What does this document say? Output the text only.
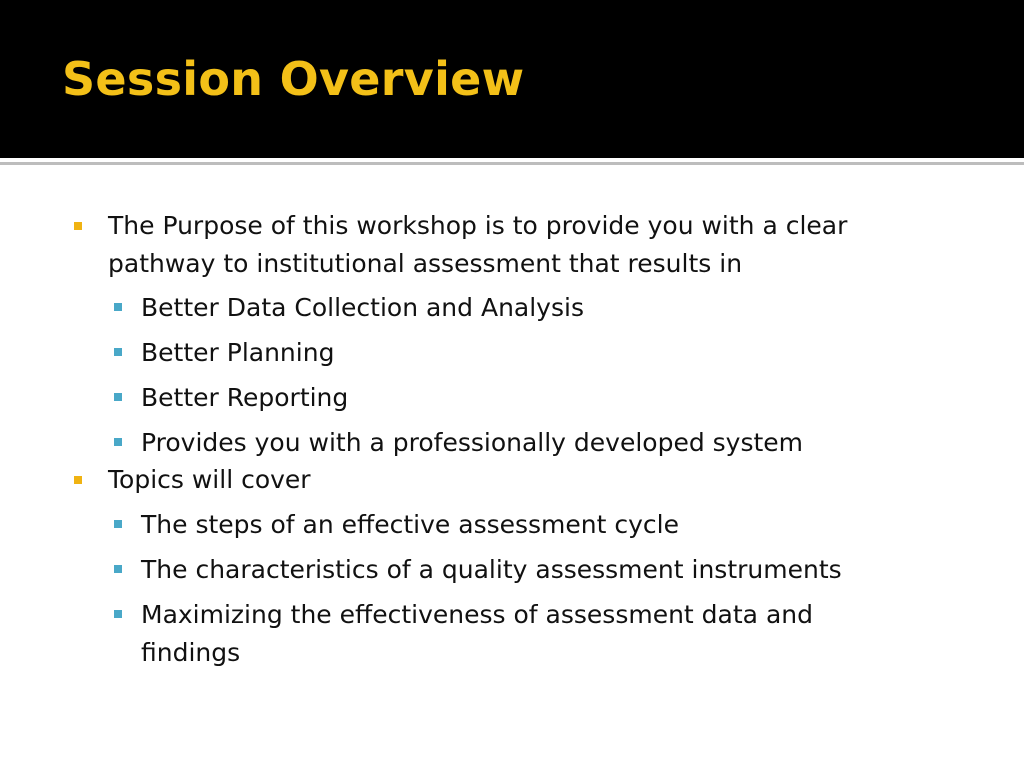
Session Overview
The Purpose of this workshop is to provide you with a clear
pathway to institutional assessment that results in
Better Data Collection and Analysis
Better Planning
Better Reporting
Provides you with a professionally developed system
Topics will cover
The steps of an effective assessment cycle
The characteristics of a quality assessment instruments
Maximizing the effectiveness of assessment data and
findings
